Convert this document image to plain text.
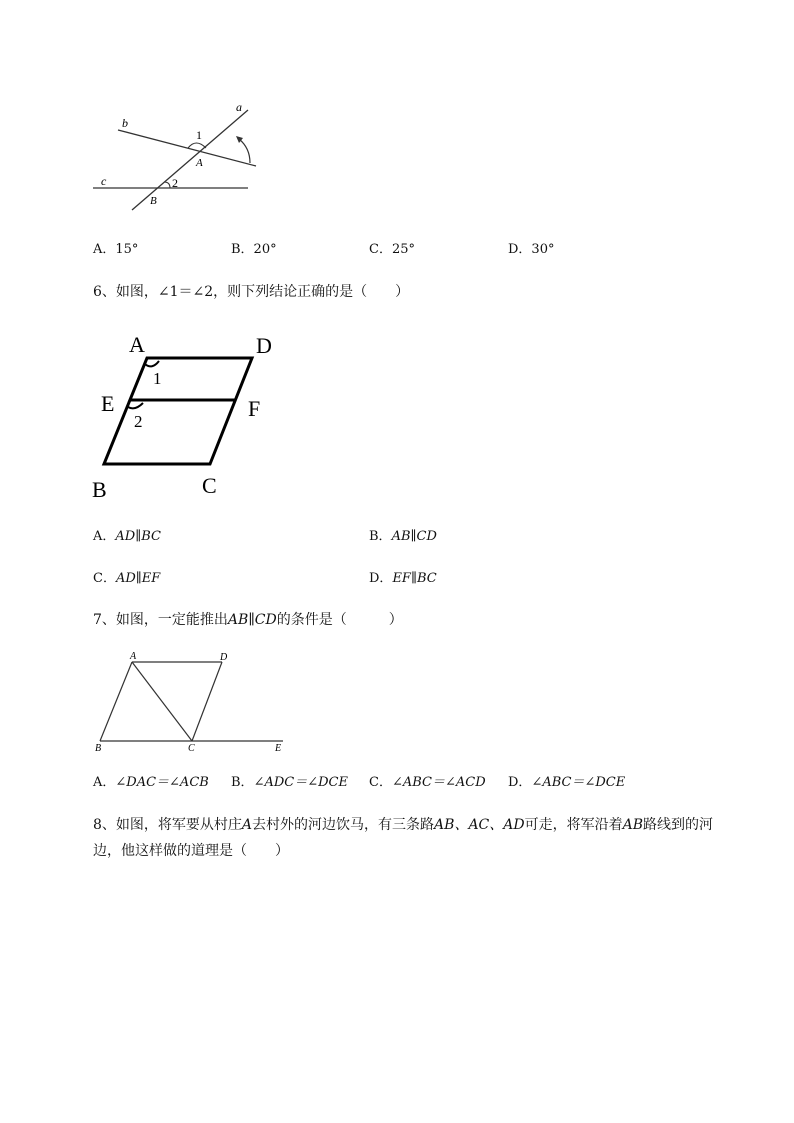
a
b
c
1
A
2
B
A．15°	B．20°	C．25°	D．30°
6、如图，∠1＝∠2，则下列结论正确的是（　　）
A	D
1
E	F
2
B	C
A．AD∥BC	B．AB∥CD
C．AD∥EF	D．EF∥BC
7、如图，一定能推出AB∥CD的条件是（　　　）
A	D
B	C	E
A．∠DAC＝∠ACB B．∠ADC＝∠DCE C．∠ABC＝∠ACD D．∠ABC＝∠DCE
8、如图，将军要从村庄A去村外的河边饮马，有三条路AB、AC、AD可走，将军沿着AB路线到的河
边，他这样做的道理是（　　）
